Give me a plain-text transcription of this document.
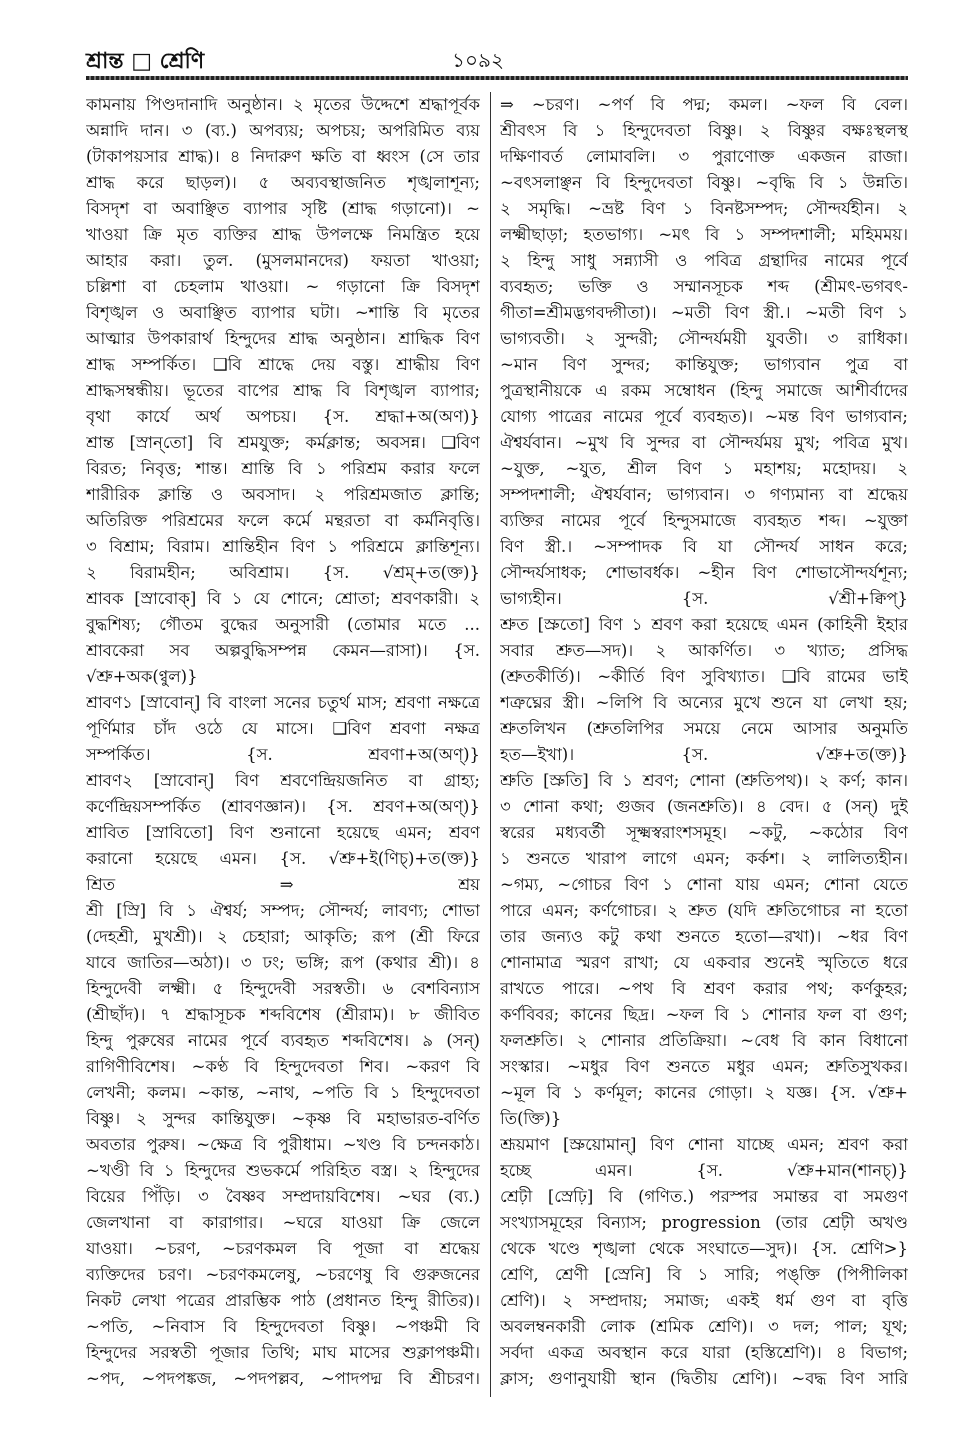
শ্রান্ত □ শ্রেণি	১০৯২
কামনায় পিণ্ডদানাদি অনুষ্ঠান। ২ মৃতের উদ্দেশে শ্রদ্ধাপূর্বক
অন্নাদি দান। ৩ (ব্য.) অপব্যয়; অপচয়; অপরিমিত ব্যয়
(টাকাপয়সার শ্রাদ্ধ)। ৪ নিদারুণ ক্ষতি বা ধ্বংস (সে তার
শ্রাদ্ধ করে ছাড়ল)। ৫ অব্যবস্থাজনিত শৃঙ্খলাশূন্য;
বিসদৃশ বা অবাঞ্ছিত ব্যাপার সৃষ্টি (শ্রাদ্ধ গড়ানো)। ~
খাওয়া ক্রি মৃত ব্যক্তির শ্রাদ্ধ উপলক্ষে নিমন্ত্রিত হয়ে
আহার করা। তুল. (মুসলমানদের) ফয়তা খাওয়া;
চল্লিশা বা চেহলাম খাওয়া। ~ গড়ানো ক্রি বিসদৃশ
বিশৃঙ্খল ও অবাঞ্ছিত ব্যাপার ঘটা। ~শান্তি বি মৃতের
আত্মার উপকারার্থ হিন্দুদের শ্রাদ্ধ অনুষ্ঠান। শ্রাদ্ধিক বিণ
শ্রাদ্ধ সম্পর্কিত। ❑বি শ্রাদ্ধে দেয় বস্তু। শ্রাদ্ধীয় বিণ
শ্রাদ্ধসম্বন্ধীয়। ভূতের বাপের শ্রাদ্ধ বি বিশৃঙ্খল ব্যাপার;
বৃথা কার্যে অর্থ অপচয়। {স. শ্রদ্ধা+অ(অণ)}
শ্রান্ত [স্রান্‌তো] বি শ্রমযুক্ত; কর্মক্লান্ত; অবসন্ন। ❑বিণ
বিরত; নিবৃত্ত; শান্ত। শ্রান্তি বি ১ পরিশ্রম করার ফলে
শারীরিক ক্লান্তি ও অবসাদ। ২ পরিশ্রমজাত ক্লান্তি;
অতিরিক্ত পরিশ্রমের ফলে কর্মে মন্থরতা বা কর্মনিবৃত্তি।
৩ বিশ্রাম; বিরাম। শ্রান্তিহীন বিণ ১ পরিশ্রমে ক্লান্তিশূন্য।
২ বিরামহীন; অবিশ্রাম। {স. √শ্রম্‌+ত(ক্ত)}
শ্রাবক [স্রাবোক্‌] বি ১ যে শোনে; শ্রোতা; শ্রবণকারী। ২
বুদ্ধশিষ্য; গৌতম বুদ্ধের অনুসারী (তোমার মতে ...
শ্রাবকেরা সব অল্পবুদ্ধিসম্পন্ন কেমন—রাসা)। {স.
√শ্রু+অক(ণ্বুল)}
শ্রাবণ১ [স্রাবোন্‌] বি বাংলা সনের চতুর্থ মাস; শ্রবণা নক্ষত্রে
পূর্ণিমার চাঁদ ওঠে যে মাসে। ❑বিণ শ্রবণা নক্ষত্র
সম্পর্কিত। {স. শ্রবণা+অ(অণ্‌)}
শ্রাবণ২ [স্রাবোন্‌] বিণ শ্রবণেন্দ্রিয়জনিত বা গ্রাহ্য;
কর্ণেন্দ্রিয়সম্পর্কিত (শ্রাবণজ্ঞান)। {স. শ্রবণ+অ(অণ্‌)}
শ্রাবিত [স্রাবিতো] বিণ শুনানো হয়েছে এমন; শ্রবণ
করানো হয়েছে এমন। {স. √শ্রু+ই(ণিচ্‌)+ত(ক্ত)}
শ্রিত ⇒ শ্রয়
শ্রী [স্রি] বি ১ ঐশ্বর্য; সম্পদ; সৌন্দর্য; লাবণ্য; শোভা
(দেহশ্রী, মুখশ্রী)। ২ চেহারা; আকৃতি; রূপ (শ্রী ফিরে
যাবে জাতির—অঠা)। ৩ ঢং; ভঙ্গি; রূপ (কথার শ্রী)। ৪
হিন্দুদেবী লক্ষ্মী। ৫ হিন্দুদেবী সরস্বতী। ৬ বেশবিন্যাস
(শ্রীছাঁদ)। ৭ শ্রদ্ধাসূচক শব্দবিশেষ (শ্রীরাম)। ৮ জীবিত
হিন্দু পুরুষের নামের পূর্বে ব্যবহৃত শব্দবিশেষ। ৯ (সন্)
রাগিণীবিশেষ। ~কণ্ঠ বি হিন্দুদেবতা শিব। ~করণ বি
লেখনী; কলম। ~কান্ত, ~নাথ, ~পতি বি ১ হিন্দুদেবতা
বিষ্ণু। ২ সুন্দর কান্তিযুক্ত। ~কৃষ্ণ বি মহাভারত-বর্ণিত
অবতার পুরুষ। ~ক্ষেত্র বি পুরীধাম। ~খণ্ড বি চন্দনকাঠ।
~খণ্ডী বি ১ হিন্দুদের শুভকর্মে পরিহিত বস্ত্র। ২ হিন্দুদের
বিয়ের পিঁড়ি। ৩ বৈষ্ণব সম্প্রদায়বিশেষ। ~ঘর (ব্য.)
জেলখানা বা কারাগার। ~ঘরে যাওয়া ক্রি জেলে
যাওয়া। ~চরণ, ~চরণকমল বি পূজা বা শ্রদ্ধেয়
ব্যক্তিদের চরণ। ~চরণকমলেষু, ~চরণেষু বি গুরুজনের
নিকট লেখা পত্রের প্রারম্ভিক পাঠ (প্রধানত হিন্দু রীতির)।
~পতি, ~নিবাস বি হিন্দুদেবতা বিষ্ণু। ~পঞ্চমী বি
হিন্দুদের সরস্বতী পূজার তিথি; মাঘ মাসের শুক্লাপঞ্চমী।
~পদ, ~পদপঙ্কজ, ~পদপল্লব, ~পাদপদ্ম বি শ্রীচরণ।
⇒ ~চরণ। ~পর্ণ বি পদ্ম; কমল। ~ফল বি বেল।
শ্রীবৎস বি ১ হিন্দুদেবতা বিষ্ণু। ২ বিষ্ণুর বক্ষঃস্থলস্থ
দক্ষিণাবর্ত লোমাবলি। ৩ পুরাণোক্ত একজন রাজা।
~বৎসলাঞ্ছন বি হিন্দুদেবতা বিষ্ণু। ~বৃদ্ধি বি ১ উন্নতি।
২ সমৃদ্ধি। ~ভ্রষ্ট বিণ ১ বিনষ্টসম্পদ; সৌন্দর্যহীন। ২
লক্ষ্মীছাড়া; হতভাগ্য। ~মৎ বি ১ সম্পদশালী; মহিমময়।
২ হিন্দু সাধু সন্ন্যাসী ও পবিত্র গ্রন্থাদির নামের পূর্বে
ব্যবহৃত; ভক্তি ও সম্মানসূচক শব্দ (শ্রীমৎ-ভগবৎ-
গীতা=শ্রীমদ্ভগবদ্গীতা)। ~মতী বিণ স্ত্রী.। ~মতী বিণ ১
ভাগ্যবতী। ২ সুন্দরী; সৌন্দর্যময়ী যুবতী। ৩ রাধিকা।
~মান বিণ সুন্দর; কান্তিযুক্ত; ভাগ্যবান পুত্র বা
পুত্রস্থানীয়কে এ রকম সম্বোধন (হিন্দু সমাজে আশীর্বাদের
যোগ্য পাত্রের নামের পূর্বে ব্যবহৃত)। ~মন্ত বিণ ভাগ্যবান;
ঐশ্বর্যবান। ~মুখ বি সুন্দর বা সৌন্দর্যময় মুখ; পবিত্র মুখ।
~যুক্ত, ~যুত, শ্রীল বিণ ১ মহাশয়; মহোদয়। ২
সম্পদশালী; ঐশ্বর্যবান; ভাগ্যবান। ৩ গণ্যমান্য বা শ্রদ্ধেয়
ব্যক্তির নামের পূর্বে হিন্দুসমাজে ব্যবহৃত শব্দ। ~যুক্তা
বিণ স্ত্রী.। ~সম্পাদক বি যা সৌন্দর্য সাধন করে;
সৌন্দর্যসাধক; শোভাবর্ধক। ~হীন বিণ শোভাসৌন্দর্যশূন্য;
ভাগ্যহীন। {স. √শ্রী+ক্বিপ্‌}
শ্রুত [স্রুতো] বিণ ১ শ্রবণ করা হয়েছে এমন (কাহিনী ইহার
সবার শ্রুত—সদ)। ২ আকর্ণিত। ৩ খ্যাত; প্রসিদ্ধ
(শ্রুতকীর্তি)। ~কীর্তি বিণ সুবিখ্যাত। ❑বি রামের ভাই
শত্রুঘ্নের স্ত্রী। ~লিপি বি অন্যের মুখে শুনে যা লেখা হয়;
শ্রুতলিখন (শ্রুতলিপির সময়ে নেমে আসার অনুমতি
হত—ইখা)। {স. √শ্রু+ত(ক্ত)}
শ্রুতি [স্রুতি] বি ১ শ্রবণ; শোনা (শ্রুতিপথ)। ২ কর্ণ; কান।
৩ শোনা কথা; গুজব (জনশ্রুতি)। ৪ বেদ। ৫ (সন্) দুই
স্বরের মধ্যবর্তী সূক্ষ্মস্বরাংশসমূহ। ~কটু, ~কঠোর বিণ
১ শুনতে খারাপ লাগে এমন; কর্কশ। ২ লালিত্যহীন।
~গম্য, ~গোচর বিণ ১ শোনা যায় এমন; শোনা যেতে
পারে এমন; কর্ণগোচর। ২ শ্রুত (যদি শ্রুতিগোচর না হতো
তার জন্যও কটু কথা শুনতে হতো—রখা)। ~ধর বিণ
শোনামাত্র স্মরণ রাখা; যে একবার শুনেই স্মৃতিতে ধরে
রাখতে পারে। ~পথ বি শ্রবণ করার পথ; কর্ণকুহর;
কর্ণবিবর; কানের ছিদ্র। ~ফল বি ১ শোনার ফল বা গুণ;
ফলশ্রুতি। ২ শোনার প্রতিক্রিয়া। ~বেধ বি কান বিধানো
সংস্কার। ~মধুর বিণ শুনতে মধুর এমন; শ্রুতিসুখকর।
~মূল বি ১ কর্ণমূল; কানের গোড়া। ২ যজ্ঞ। {স. √শ্রু+
তি(ক্তি)}
শ্রূয়মাণ [স্রুয়োমান্‌] বিণ শোনা যাচ্ছে এমন; শ্রবণ করা
হচ্ছে এমন। {স. √শ্রু+মান(শানচ্‌)}
শ্রেঢ়ী [স্রেঢ়ি] বি (গণিত.) পরস্পর সমান্তর বা সমগুণ
সংখ্যাসমূহের বিন্যাস; progression (তার শ্রেঢ়ী অখণ্ড
থেকে খণ্ডে শৃঙ্খলা থেকে সংঘাতে—সুদ)। {স. শ্রেণি>}
শ্রেণি, শ্রেণী [স্রেনি] বি ১ সারি; পঙ্‌ক্তি (পিপীলিকা
শ্রেণি)। ২ সম্প্রদায়; সমাজ; একই ধর্ম গুণ বা বৃত্তি
অবলম্বনকারী লোক (শ্রমিক শ্রেণি)। ৩ দল; পাল; যূথ;
সর্বদা একত্র অবস্থান করে যারা (হস্তিশ্রেণি)। ৪ বিভাগ;
ক্লাস; গুণানুযায়ী স্থান (দ্বিতীয় শ্রেণি)। ~বদ্ধ বিণ সারি
